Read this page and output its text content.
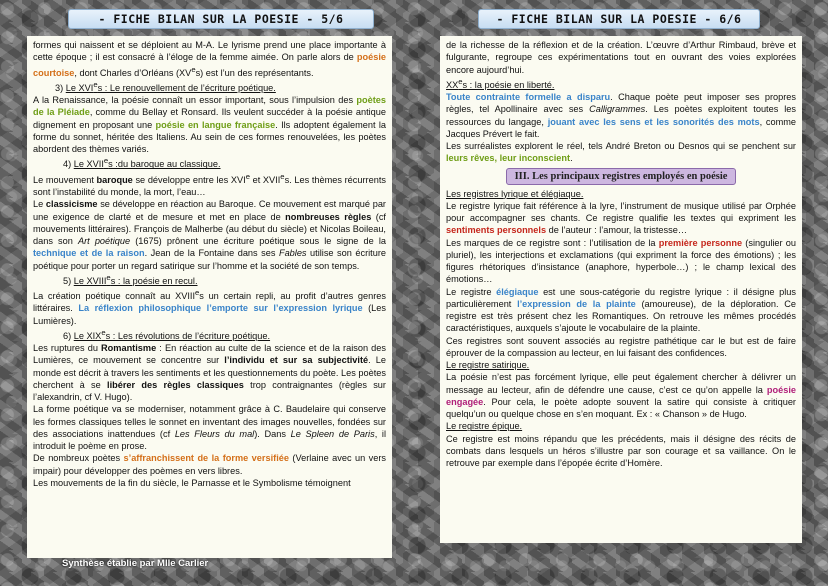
- FICHE BILAN SUR LA POESIE - 5/6	- FICHE BILAN SUR LA POESIE - 6/6

formes qui naissent et se déploient au M-A. Le lyrisme prend une place importante à cette époque ; il est consacré à l’éloge de la femme aimée. On parle alors de poésie courtoise, dont Charles d’Orléans (XVes) est l’un des représentants.

3) Le XVIes : Le renouvellement de l’écriture poétique.

A la Renaissance, la poésie connaît un essor important, sous l’impulsion des poètes de la Pléiade, comme du Bellay et Ronsard. Ils veulent succéder à la poésie antique dignement en proposant une poésie en langue française. Ils adoptent également la forme du sonnet, héritée des Italiens. Au sein de ces formes renouvelées, les poètes abordent des thèmes variés.

4) Le XVIIes :du baroque au classique.

Le mouvement baroque se développe entre les XVIe et XVIIes. Les thèmes récurrents sont l’instabilité du monde, la mort, l’eau…

Le classicisme se développe en réaction au Baroque. Ce mouvement est marqué par une exigence de clarté et de mesure et met en place de nombreuses règles (cf mouvements littéraires). François de Malherbe (au début du siècle) et Nicolas Boileau, dans son Art poétique (1675) prônent une écriture poétique sous le signe de la technique et de la raison. Jean de la Fontaine dans ses Fables utilise son écriture poétique pour porter un regard satirique sur l’homme et la société de son temps.

5) Le XVIIIes : la poésie en recul.

La création poétique connaît au XVIIIes un certain repli, au profit d’autres genres littéraires. La réflexion philosophique l’emporte sur l’expression lyrique (Les Lumières).

6) Le XIXes : Les révolutions de l’écriture poétique.

Les ruptures du Romantisme : En réaction au culte de la science et de la raison des Lumières, ce mouvement se concentre sur l’individu et sur sa subjectivité. Le monde est décrit à travers les sentiments et les questionnements du poète. Les poètes cherchent à se libérer des règles classiques trop contraignantes (règles sur l’alexandrin, cf V. Hugo).

La forme poétique va se moderniser, notamment grâce à C. Baudelaire qui conserve les formes classiques telles le sonnet en inventant des images nouvelles, fondées sur des associations inattendues (cf Les Fleurs du mal). Dans Le Spleen de Paris, il introduit le poème en prose.

De nombreux poètes s’affranchissent de la forme versifiée (Verlaine avec un vers impair) pour développer des poèmes en vers libres.

Les mouvements de la fin du siècle, le Parnasse et le Symbolisme témoignent

de la richesse de la réflexion et de la création. L’œuvre d’Arthur Rimbaud, brève et fulgurante, regroupe ces expérimentations tout en ouvrant des voies explorées encore aujourd’hui.

XXes : la poésie en liberté.

Toute contrainte formelle a disparu. Chaque poète peut imposer ses propres règles, tel Apollinaire avec ses Calligrammes. Les poètes exploitent toutes les ressources du langage, jouant avec les sens et les sonorités des mots, comme Jacques Prévert le fait.

Les surréalistes explorent le réel, tels André Breton ou Desnos qui se penchent sur leurs rêves, leur inconscient.

III. Les principaux registres employés en poésie

Les registres lyrique et élégiaque.

Le registre lyrique fait référence à la lyre, l’instrument de musique utilisé par Orphée pour accompagner ses chants. Ce registre qualifie les textes qui expriment les sentiments personnels de l’auteur : l’amour, la tristesse…

Les marques de ce registre sont : l’utilisation de la première personne (singulier ou pluriel), les interjections et exclamations (qui expriment la force des émotions) ; les figures rhétoriques d’insistance (anaphore, hyperbole…) ; le champ lexical des émotions…

Le registre élégiaque est une sous-catégorie du registre lyrique : il désigne plus particulièrement l’expression de la plainte (amoureuse), de la déploration. Ce registre est très présent chez les Romantiques. On retrouve les mêmes procédés caractéristiques, auxquels s’ajoute le vocabulaire de la plainte.

Ces registres sont souvent associés au registre pathétique car le but est de faire éprouver de la compassion au lecteur, en lui faisant des confidences.

Le registre satirique.

La poésie n’est pas forcément lyrique, elle peut également chercher à délivrer un message au lecteur, afin de défendre une cause, c’est ce qu’on appelle la poésie engagée. Pour cela, le poète adopte souvent la satire qui consiste à critiquer quelqu’un ou quelque chose en s’en moquant. Ex : « Chanson » de Hugo.

Le registre épique.

Ce registre est moins répandu que les précédents, mais il désigne des récits de combats dans lesquels un héros s’illustre par son courage et sa vaillance. On le retrouve par exemple dans l’épopée écrite d’Homère.

Synthèse établie par Mlle Carlier
